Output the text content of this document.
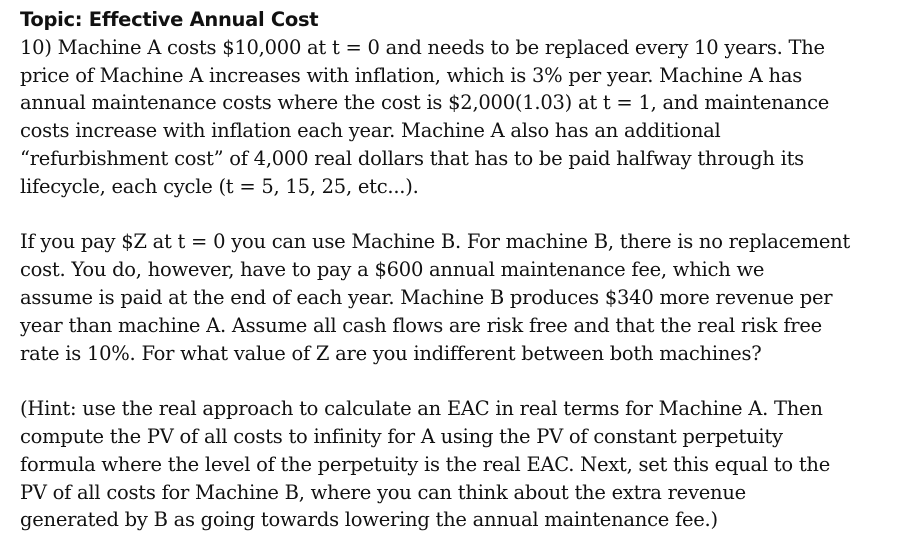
Topic: Effective Annual Cost
10) Machine A costs $10,000 at t = 0 and needs to be replaced every 10 years. The
price of Machine A increases with inflation, which is 3% per year. Machine A has
annual maintenance costs where the cost is $2,000(1.03) at t = 1, and maintenance
costs increase with inflation each year. Machine A also has an additional
“refurbishment cost” of 4,000 real dollars that has to be paid halfway through its
lifecycle, each cycle (t = 5, 15, 25, etc...).
If you pay $Z at t = 0 you can use Machine B. For machine B, there is no replacement
cost. You do, however, have to pay a $600 annual maintenance fee, which we
assume is paid at the end of each year. Machine B produces $340 more revenue per
year than machine A. Assume all cash flows are risk free and that the real risk free
rate is 10%. For what value of Z are you indifferent between both machines?
(Hint: use the real approach to calculate an EAC in real terms for Machine A. Then
compute the PV of all costs to infinity for A using the PV of constant perpetuity
formula where the level of the perpetuity is the real EAC. Next, set this equal to the
PV of all costs for Machine B, where you can think about the extra revenue
generated by B as going towards lowering the annual maintenance fee.)
